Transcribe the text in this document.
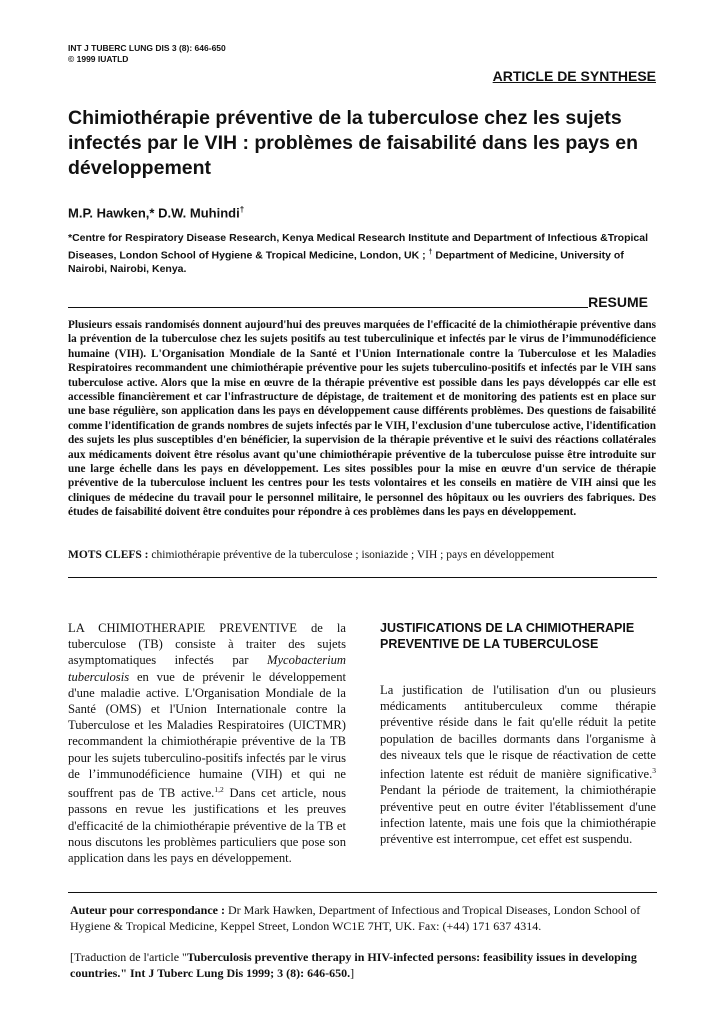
INT J TUBERC LUNG DIS 3 (8): 646-650
© 1999 IUATLD
ARTICLE DE SYNTHESE
Chimiothérapie préventive de la tuberculose chez les sujets infectés par le VIH : problèmes de faisabilité dans les pays en développement
M.P. Hawken,* D.W. Muhindi†
*Centre for Respiratory Disease Research, Kenya Medical Research Institute and Department of Infectious &Tropical Diseases, London School of Hygiene & Tropical Medicine, London, UK ; † Department of Medicine, University of Nairobi, Nairobi, Kenya.
RESUME

Plusieurs essais randomisés donnent aujourd'hui des preuves marquées de l'efficacité de la chimiothérapie préventive dans la prévention de la tuberculose chez les sujets positifs au test tuberculinique et infectés par le virus de l’immunodéficience humaine (VIH). L'Organisation Mondiale de la Santé et l'Union Internationale contre la Tuberculose et les Maladies Respiratoires recommandent une chimiothérapie préventive pour les sujets tuberculino-positifs et infectés par le VIH sans tuberculose active. Alors que la mise en œuvre de la thérapie préventive est possible dans les pays développés car elle est accessible financièrement et car l'infrastructure de dépistage, de traitement et de monitoring des patients est en place sur une base régulière, son application dans les pays en développement cause différents problèmes. Des questions de faisabilité comme l'identification de grands nombres de sujets infectés par le VIH, l'exclusion d'une tuberculose active, l'identification des sujets les plus susceptibles d'en bénéficier, la supervision de la thérapie préventive et le suivi des réactions collatérales aux médicaments doivent être résolus avant qu'une chimiothérapie préventive de la tuberculose puisse être introduite sur une large échelle dans les pays en développement. Les sites possibles pour la mise en œuvre d'un service de thérapie préventive de la tuberculose incluent les centres pour les tests volontaires et les conseils en matière de VIH ainsi que les cliniques de médecine du travail pour le personnel militaire, le personnel des hôpitaux ou les ouvriers des fabriques. Des études de faisabilité doivent être conduites pour répondre à ces problèmes dans les pays en développement.

MOTS CLEFS : chimiothérapie préventive de la tuberculose ; isoniazide ; VIH ; pays en développement

LA CHIMIOTHERAPIE PREVENTIVE de la tuberculose (TB) consiste à traiter des sujets asymptomatiques infectés par Mycobacterium tuberculosis en vue de prévenir le développement d'une maladie active. L'Organisation Mondiale de la Santé (OMS) et l'Union Internationale contre la Tuberculose et les Maladies Respiratoires (UICTMR) recommandent la chimiothérapie préventive de la TB pour les sujets tuberculino-positifs infectés par le virus de l’immunodéficience humaine (VIH) et qui ne souffrent pas de TB active.$^{1,2}$ Dans cet article, nous passons en revue les justifications et les preuves d'efficacité de la chimiothérapie préventive de la TB et nous discutons les problèmes particuliers que pose son application dans les pays en développement.

JUSTIFICATIONS DE LA CHIMIOTHERAPIE PREVENTIVE DE LA TUBERCULOSE

La justification de l'utilisation d'un ou plusieurs médicaments antituberculeux comme thérapie préventive réside dans le fait qu'elle réduit la petite population de bacilles dormants dans l'organisme à des niveaux tels que le risque de réactivation de cette infection latente est réduit de manière significative.$^3$ Pendant la période de traitement, la chimiothérapie préventive peut en outre éviter l'établissement d'une infection latente, mais une fois que la chimiothérapie préventive est interrompue, cet effet est suspendu.

Auteur pour correspondance : Dr Mark Hawken, Department of Infectious and Tropical Diseases, London School of Hygiene & Tropical Medicine, Keppel Street, London WC1E 7HT, UK. Fax: (+44) 171 637 4314.

[Traduction de l'article "Tuberculosis preventive therapy in HIV-infected persons: feasibility issues in developing countries." Int J Tuberc Lung Dis 1999; 3 (8): 646-650.]
